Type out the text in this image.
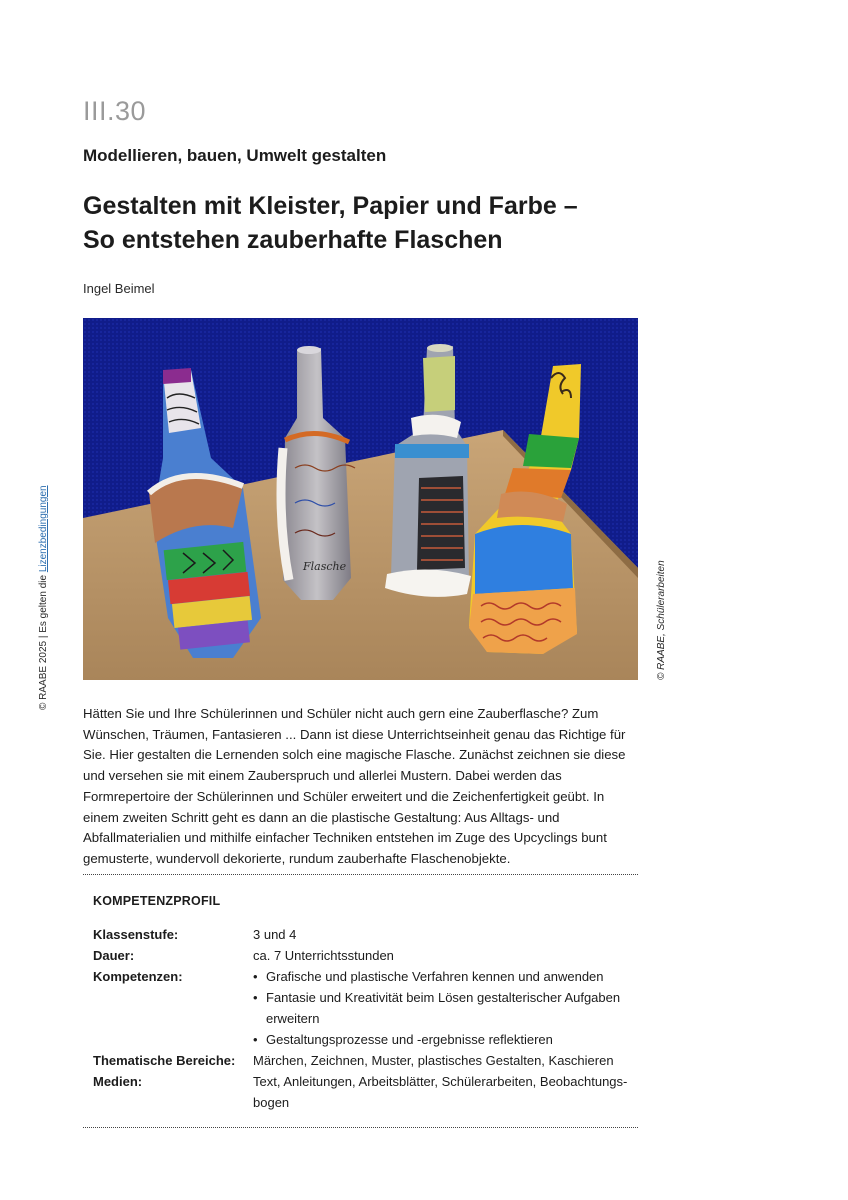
III.30
Modellieren, bauen, Umwelt gestalten
Gestalten mit Kleister, Papier und Farbe –
So entstehen zauberhafte Flaschen
Ingel Beimel
Flasche	© RAABE, Schülerarbeiten
© RAABE 2025 | Es gelten die Lizenzbedingungen
Hätten Sie und Ihre Schülerinnen und Schüler nicht auch gern eine Zauberflasche? Zum Wünschen, Träumen, Fantasieren ... Dann ist diese Unterrichtseinheit genau das Richtige für Sie. Hier gestalten die Lernenden solch eine magische Flasche. Zunächst zeichnen sie diese und versehen sie mit einem Zauberspruch und allerlei Mustern. Dabei werden das Formrepertoire der Schülerinnen und Schüler erweitert und die Zeichenfertigkeit geübt. In einem zweiten Schritt geht es dann an die plastische Gestaltung: Aus Alltags- und Abfallmaterialien und mithilfe einfacher Techniken entstehen im Zuge des Upcyclings bunt gemusterte, wundervoll dekorierte, rundum zauberhafte Flaschenobjekte.
KOMPETENZPROFIL
Klassenstufe:	3 und 4
Dauer:	ca. 7 Unterrichtsstunden
Kompetenzen:
•	Grafische und plastische Verfahren kennen und anwenden
• Fantasie und Kreativität beim Lösen gestalterischer Aufgaben erweitern
• Gestaltungsprozesse und -ergebnisse reflektieren
Thematische Bereiche:	Märchen, Zeichnen, Muster, plastisches Gestalten, Kaschieren
Medien:	Text, Anleitungen, Arbeitsblätter, Schülerarbeiten, Beobachtungs-bogen
